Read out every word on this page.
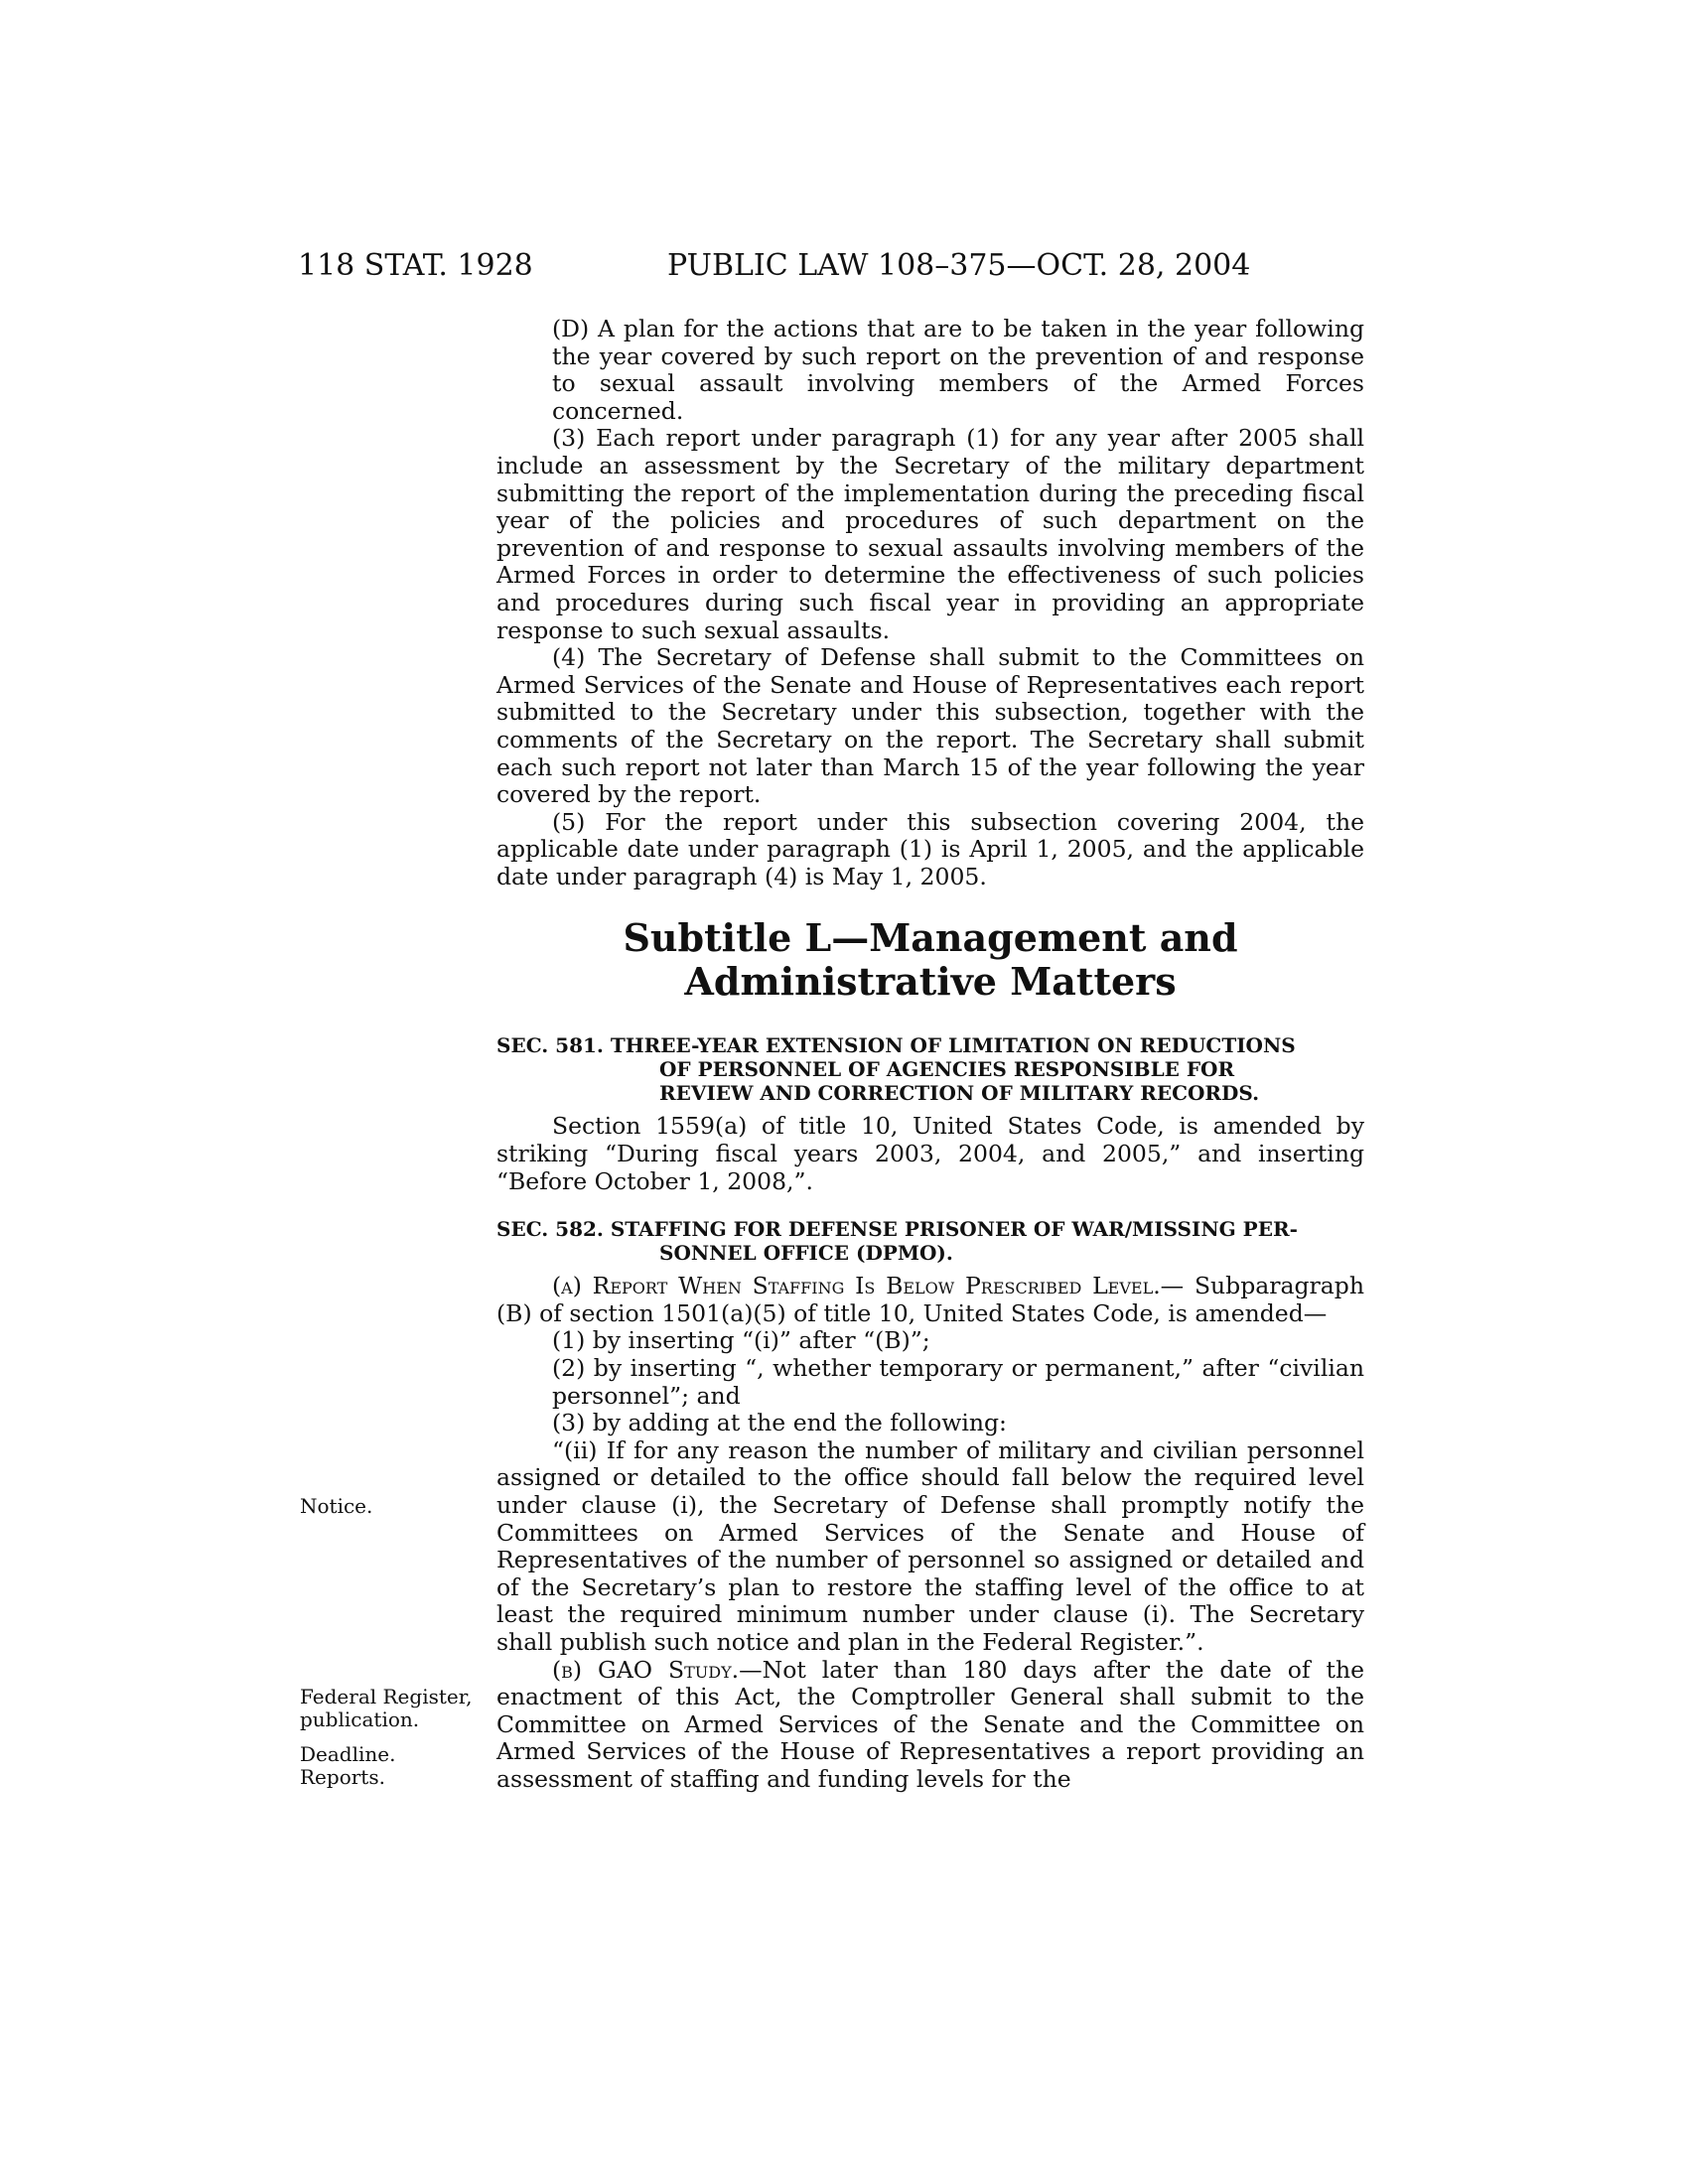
118 STAT. 1928	PUBLIC LAW 108–375—OCT. 28, 2004
Notice.
Federal Register,
publication.
Deadline.
Reports.

(D) A plan for the actions that are to be taken in the year following the year covered by such report on the prevention of and response to sexual assault involving members of the Armed Forces concerned.

(3) Each report under paragraph (1) for any year after 2005 shall include an assessment by the Secretary of the military department submitting the report of the implementation during the preceding fiscal year of the policies and procedures of such department on the prevention of and response to sexual assaults involving members of the Armed Forces in order to determine the effectiveness of such policies and procedures during such fiscal year in providing an appropriate response to such sexual assaults.

(4) The Secretary of Defense shall submit to the Committees on Armed Services of the Senate and House of Representatives each report submitted to the Secretary under this subsection, together with the comments of the Secretary on the report. The Secretary shall submit each such report not later than March 15 of the year following the year covered by the report.

(5) For the report under this subsection covering 2004, the applicable date under paragraph (1) is April 1, 2005, and the applicable date under paragraph (4) is May 1, 2005.

Subtitle L—Management and
Administrative Matters
SEC. 581. THREE-YEAR EXTENSION OF LIMITATION ON REDUCTIONS
OF PERSONNEL OF AGENCIES RESPONSIBLE FOR
REVIEW AND CORRECTION OF MILITARY RECORDS.

Section 1559(a) of title 10, United States Code, is amended by striking “During fiscal years 2003, 2004, and 2005,” and inserting “Before October 1, 2008,”.

SEC. 582. STAFFING FOR DEFENSE PRISONER OF WAR/MISSING PER-
SONNEL OFFICE (DPMO).

(a) Report When Staffing Is Below Prescribed Level.— Subparagraph (B) of section 1501(a)(5) of title 10, United States Code, is amended—

(1) by inserting “(i)” after “(B)”;

(2) by inserting “, whether temporary or permanent,” after “civilian personnel”; and

(3) by adding at the end the following:

“(ii) If for any reason the number of military and civilian personnel assigned or detailed to the office should fall below the required level under clause (i), the Secretary of Defense shall promptly notify the Committees on Armed Services of the Senate and House of Representatives of the number of personnel so assigned or detailed and of the Secretary’s plan to restore the staffing level of the office to at least the required minimum number under clause (i). The Secretary shall publish such notice and plan in the Federal Register.”.

(b) GAO Study.—Not later than 180 days after the date of the enactment of this Act, the Comptroller General shall submit to the Committee on Armed Services of the Senate and the Committee on Armed Services of the House of Representatives a report providing an assessment of staffing and funding levels for the
